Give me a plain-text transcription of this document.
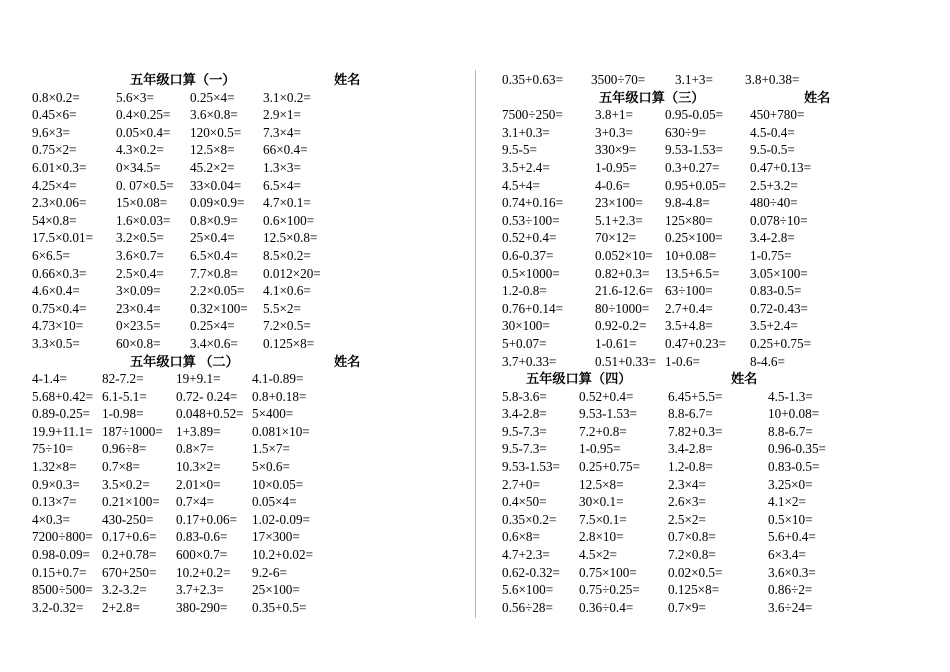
五年级口算（一）	姓名
0.8×0.2=	5.6×3=	0.25×4= 3.1×0.2=
0.45×6=	0.4×0.25= 3.6×0.8= 2.9×1=
9.6×3=	0.05×0.4= 120×0.5= 7.3×4=
0.75×2=	4.3×0.2= 12.5×8= 66×0.4=
6.01×0.3= 0×34.5= 45.2×2= 1.3×3=
4.25×4=	0. 07×0.5= 33×0.04= 6.5×4=
2.3×0.06= 15×0.08= 0.09×0.9= 4.7×0.1=
54×0.8=	1.6×0.03= 0.8×0.9= 0.6×100=
17.5×0.01= 3.2×0.5= 25×0.4= 12.5×0.8=
6×6.5=	3.6×0.7= 6.5×0.4= 8.5×0.2=
0.66×0.3= 2.5×0.4= 7.7×0.8= 0.012×20=
4.6×0.4=	3×0.09= 2.2×0.05= 4.1×0.6=
0.75×0.4= 23×0.4= 0.32×100= 5.5×2=
4.73×10= 0×23.5= 0.25×4= 7.2×0.5=
3.3×0.5=	60×0.8= 3.4×0.6= 0.125×8=
五年级口算 （二）	姓名
4-1.4=	82-7.2= 19+9.1= 4.1-0.89=
5.68+0.42= 6.1-5.1= 0.72- 0.24= 0.8+0.18=
0.89-0.25= 1-0.98= 0.048+0.52= 5×400=
19.9+11.1= 187÷1000= 1+3.89= 0.081×10=
75÷10= 0.96÷8= 0.8×7=	1.5×7=
1.32×8= 0.7×8=	10.3×2= 5×0.6=
0.9×0.3= 3.5×0.2= 2.01×0= 10×0.05=
0.13×7= 0.21×100= 0.7×4=	0.05×4=
4×0.3= 430-250= 0.17+0.06= 1.02-0.09=
7200÷800= 0.17+0.6= 0.83-0.6= 17×300=
0.98-0.09= 0.2+0.78= 600×0.7= 10.2+0.02=
0.15+0.7= 670+250= 10.2+0.2= 9.2-6=
8500÷500= 3.2-3.2= 3.7+2.3= 25×100=
3.2-0.32= 2+2.8=	380-290= 0.35+0.5=
0.35+0.63= 3500÷70= 3.1+3= 3.8+0.38=
五年级口算（三）	姓名
7500÷250= 3.8+1= 0.95-0.05= 450+780=
3.1+0.3=	3+0.3= 630÷9=	4.5-0.4=
9.5-5=	330×9= 9.53-1.53= 9.5-0.5=
3.5+2.4=	1-0.95= 0.3+0.27= 0.47+0.13=
4.5+4=	4-0.6=	0.95+0.05= 2.5+3.2=
0.74+0.16= 23×100= 9.8-4.8=	480÷40=
0.53÷100=	5.1+2.3= 125×80=	0.078÷10=
0.52+0.4=	70×12= 0.25×100= 3.4-2.8=
0.6-0.37=	0.052×10= 10+0.08=	1-0.75=
0.5×1000=	0.82+0.3= 13.5+6.5= 3.05×100=
1.2-0.8=	21.6-12.6= 63÷100=	0.83-0.5=
0.76+0.14= 80÷1000= 2.7+0.4=	0.72-0.43=
30×100=	0.92-0.2= 3.5+4.8=	3.5+2.4=
5+0.07=	1-0.61= 0.47+0.23= 0.25+0.75=
3.7+0.33=	0.51+0.33= 1-0.6=	8-4.6=
五年级口算（四）	姓名
5.8-3.6= 0.52+0.4=	6.45+5.5=	4.5-1.3=
3.4-2.8= 9.53-1.53= 8.8-6.7=	10+0.08=
9.5-7.3= 7.2+0.8=	7.82+0.3=	8.8-6.7=
9.5-7.3= 1-0.95=	3.4-2.8=	0.96-0.35=
9.53-1.53= 0.25+0.75= 1.2-0.8=	0.83-0.5=
2.7+0=	12.5×8=	2.3×4=	3.25×0=
0.4×50= 30×0.1=	2.6×3=	4.1×2=
0.35×0.2= 7.5×0.1=	2.5×2=	0.5×10=
0.6×8=	2.8×10=	0.7×0.8=	5.6+0.4=
4.7+2.3= 4.5×2=	7.2×0.8=	6×3.4=
0.62-0.32= 0.75×100= 0.02×0.5=	3.6×0.3=
5.6×100= 0.75÷0.25= 0.125×8=	0.86÷2=
0.56÷28= 0.36÷0.4=	0.7×9=	3.6÷24=
